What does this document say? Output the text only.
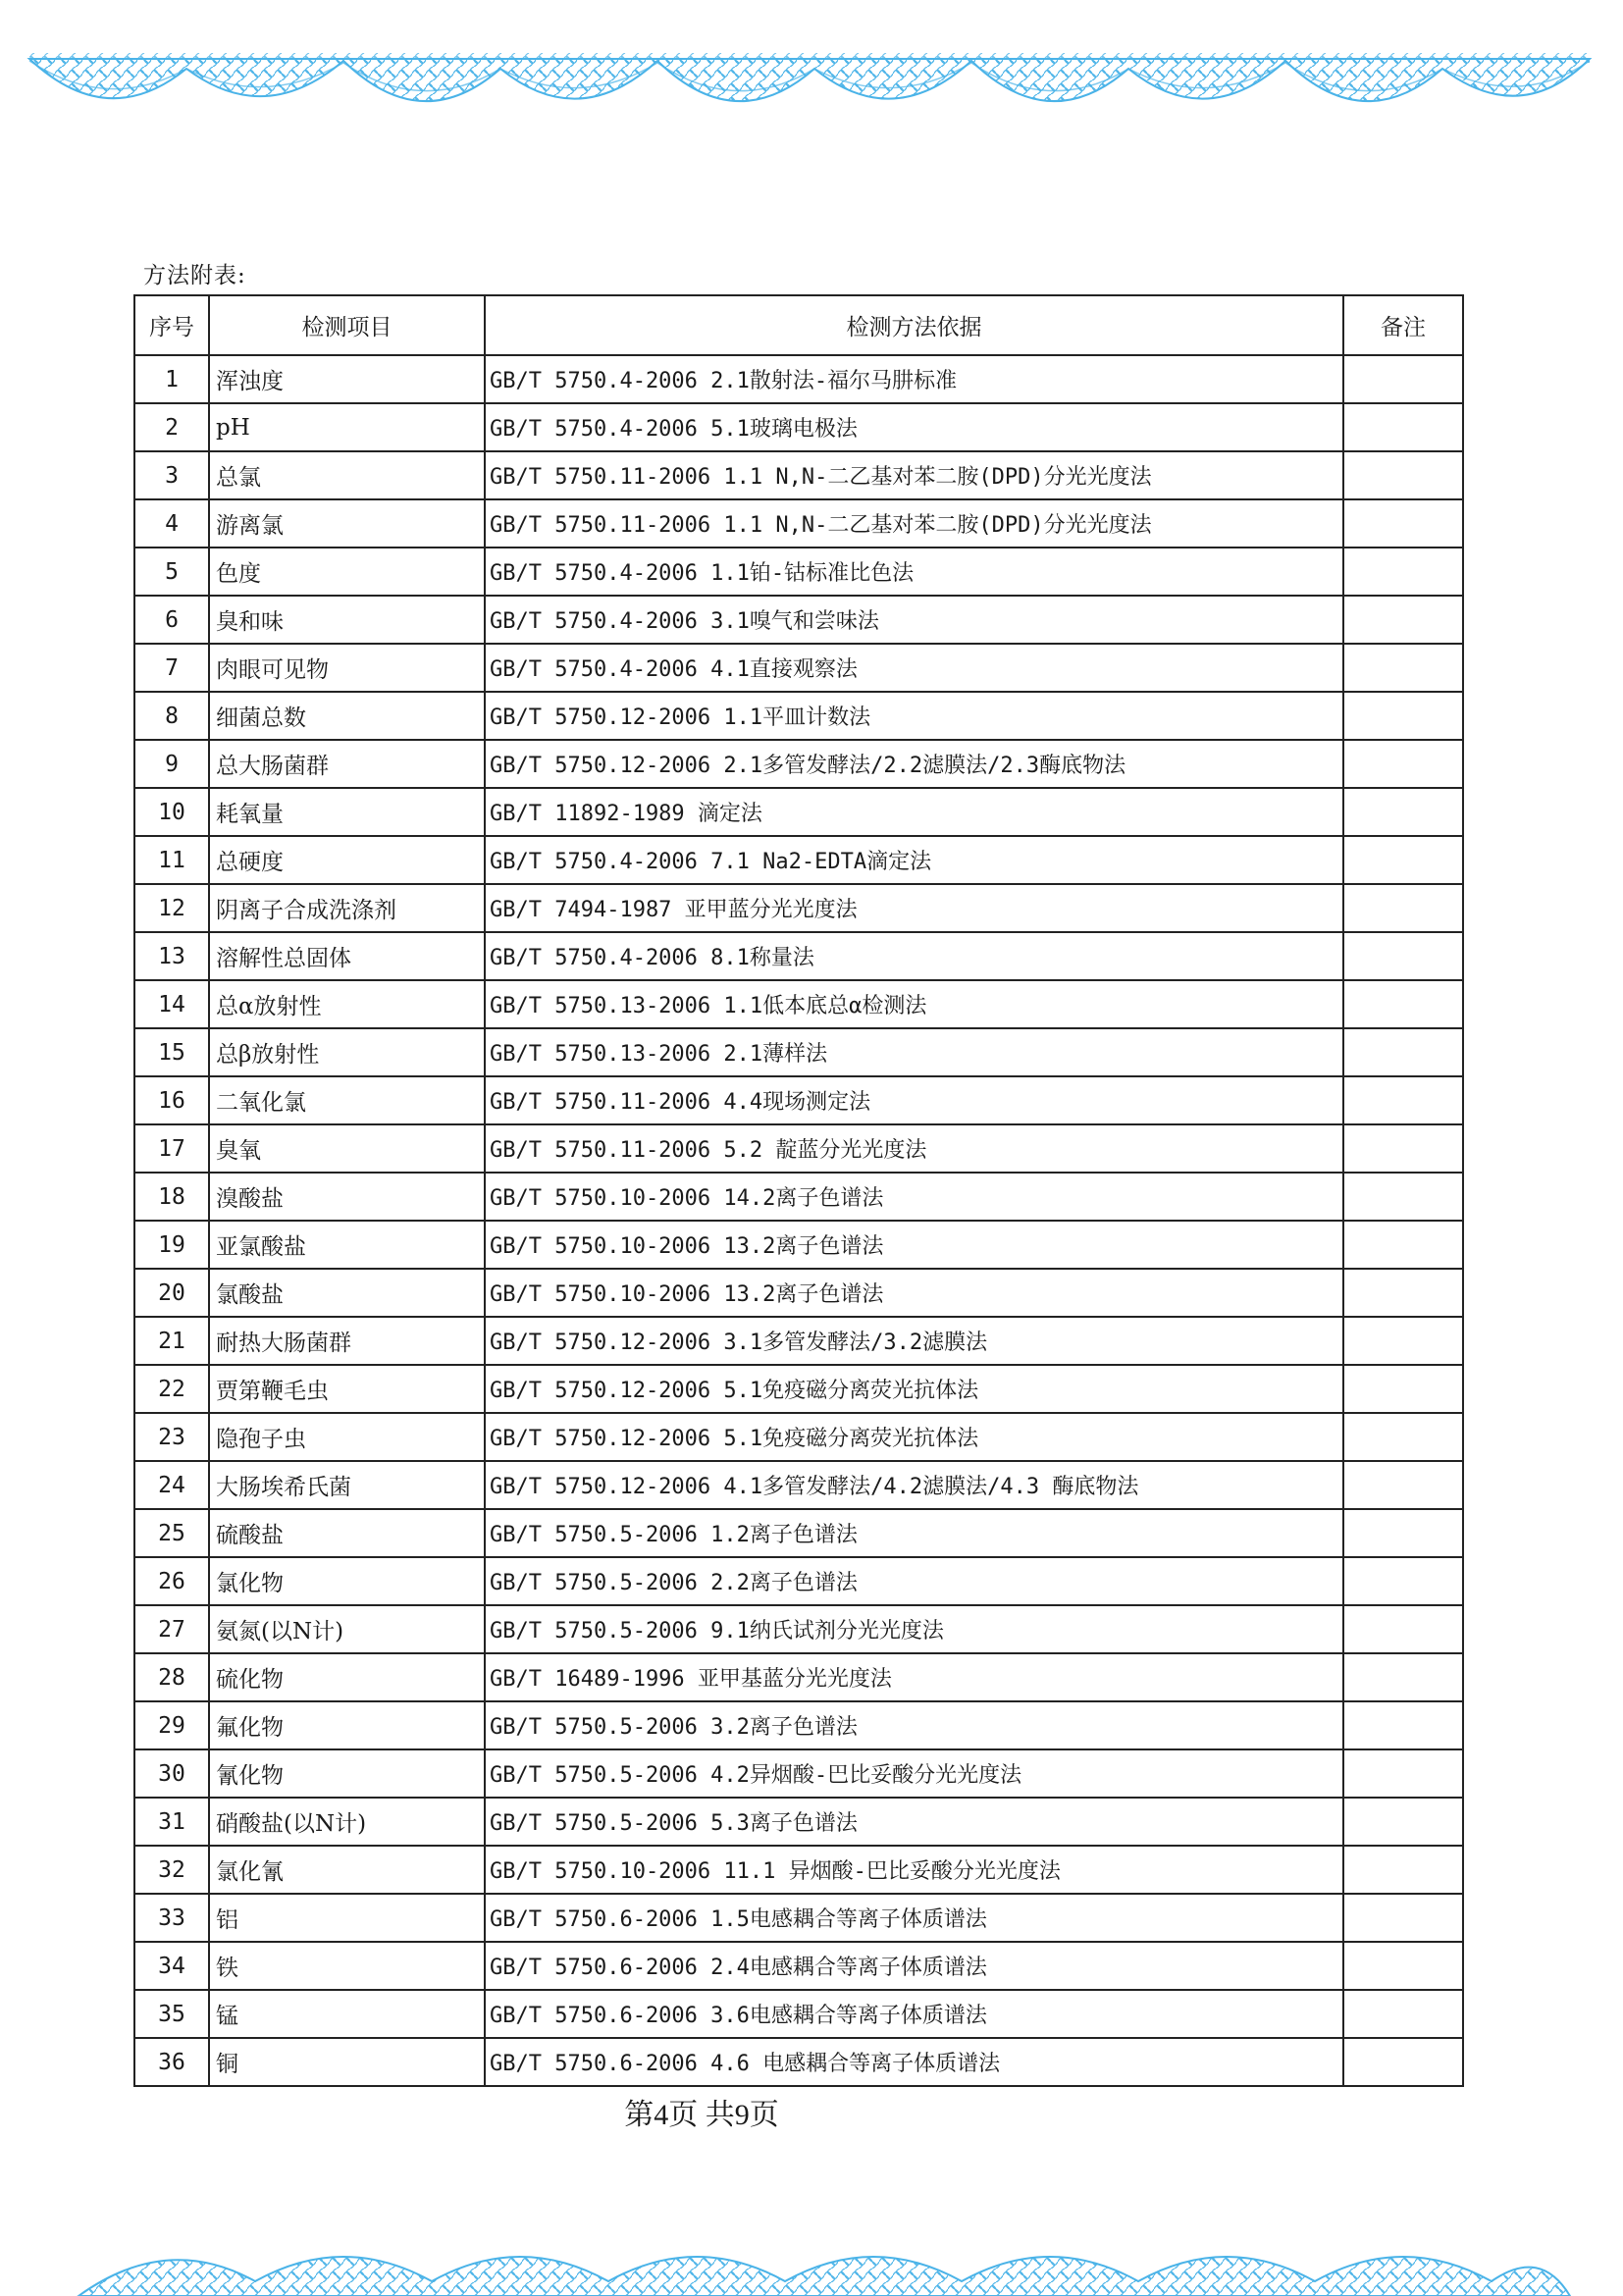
方法附表:
序号	检测项目	检测方法依据	备注
1	浑浊度	GB/T 5750.4-2006 2.1散射法-福尔马肼标准	
2	pH	GB/T 5750.4-2006 5.1玻璃电极法	
3	总氯	GB/T 5750.11-2006 1.1 N,N-二乙基对苯二胺(DPD)分光光度法	
4	游离氯	GB/T 5750.11-2006 1.1 N,N-二乙基对苯二胺(DPD)分光光度法	
5	色度	GB/T 5750.4-2006 1.1铂-钴标准比色法	
6	臭和味	GB/T 5750.4-2006 3.1嗅气和尝味法	
7	肉眼可见物	GB/T 5750.4-2006 4.1直接观察法	
8	细菌总数	GB/T 5750.12-2006 1.1平皿计数法	
9	总大肠菌群	GB/T 5750.12-2006 2.1多管发酵法/2.2滤膜法/2.3酶底物法	
10	耗氧量	GB/T 11892-1989 滴定法	
11	总硬度	GB/T 5750.4-2006 7.1 Na2-EDTA滴定法	
12	阴离子合成洗涤剂	GB/T 7494-1987 亚甲蓝分光光度法	
13	溶解性总固体	GB/T 5750.4-2006 8.1称量法	
14	总α放射性	GB/T 5750.13-2006 1.1低本底总α检测法	
15	总β放射性	GB/T 5750.13-2006 2.1薄样法	
16	二氧化氯	GB/T 5750.11-2006 4.4现场测定法	
17	臭氧	GB/T 5750.11-2006 5.2 靛蓝分光光度法	
18	溴酸盐	GB/T 5750.10-2006 14.2离子色谱法	
19	亚氯酸盐	GB/T 5750.10-2006 13.2离子色谱法	
20	氯酸盐	GB/T 5750.10-2006 13.2离子色谱法	
21	耐热大肠菌群	GB/T 5750.12-2006 3.1多管发酵法/3.2滤膜法	
22	贾第鞭毛虫	GB/T 5750.12-2006 5.1免疫磁分离荧光抗体法	
23	隐孢子虫	GB/T 5750.12-2006 5.1免疫磁分离荧光抗体法	
24	大肠埃希氏菌	GB/T 5750.12-2006 4.1多管发酵法/4.2滤膜法/4.3 酶底物法	
25	硫酸盐	GB/T 5750.5-2006 1.2离子色谱法	
26	氯化物	GB/T 5750.5-2006 2.2离子色谱法	
27	氨氮(以N计)	GB/T 5750.5-2006 9.1纳氏试剂分光光度法	
28	硫化物	GB/T 16489-1996 亚甲基蓝分光光度法	
29	氟化物	GB/T 5750.5-2006 3.2离子色谱法	
30	氰化物	GB/T 5750.5-2006 4.2异烟酸-巴比妥酸分光光度法	
31	硝酸盐(以N计)	GB/T 5750.5-2006 5.3离子色谱法	
32	氯化氰	GB/T 5750.10-2006 11.1 异烟酸-巴比妥酸分光光度法	
33	铝	GB/T 5750.6-2006 1.5电感耦合等离子体质谱法	
34	铁	GB/T 5750.6-2006 2.4电感耦合等离子体质谱法	
35	锰	GB/T 5750.6-2006 3.6电感耦合等离子体质谱法	
36	铜	GB/T 5750.6-2006 4.6 电感耦合等离子体质谱法	
第4页 共9页
